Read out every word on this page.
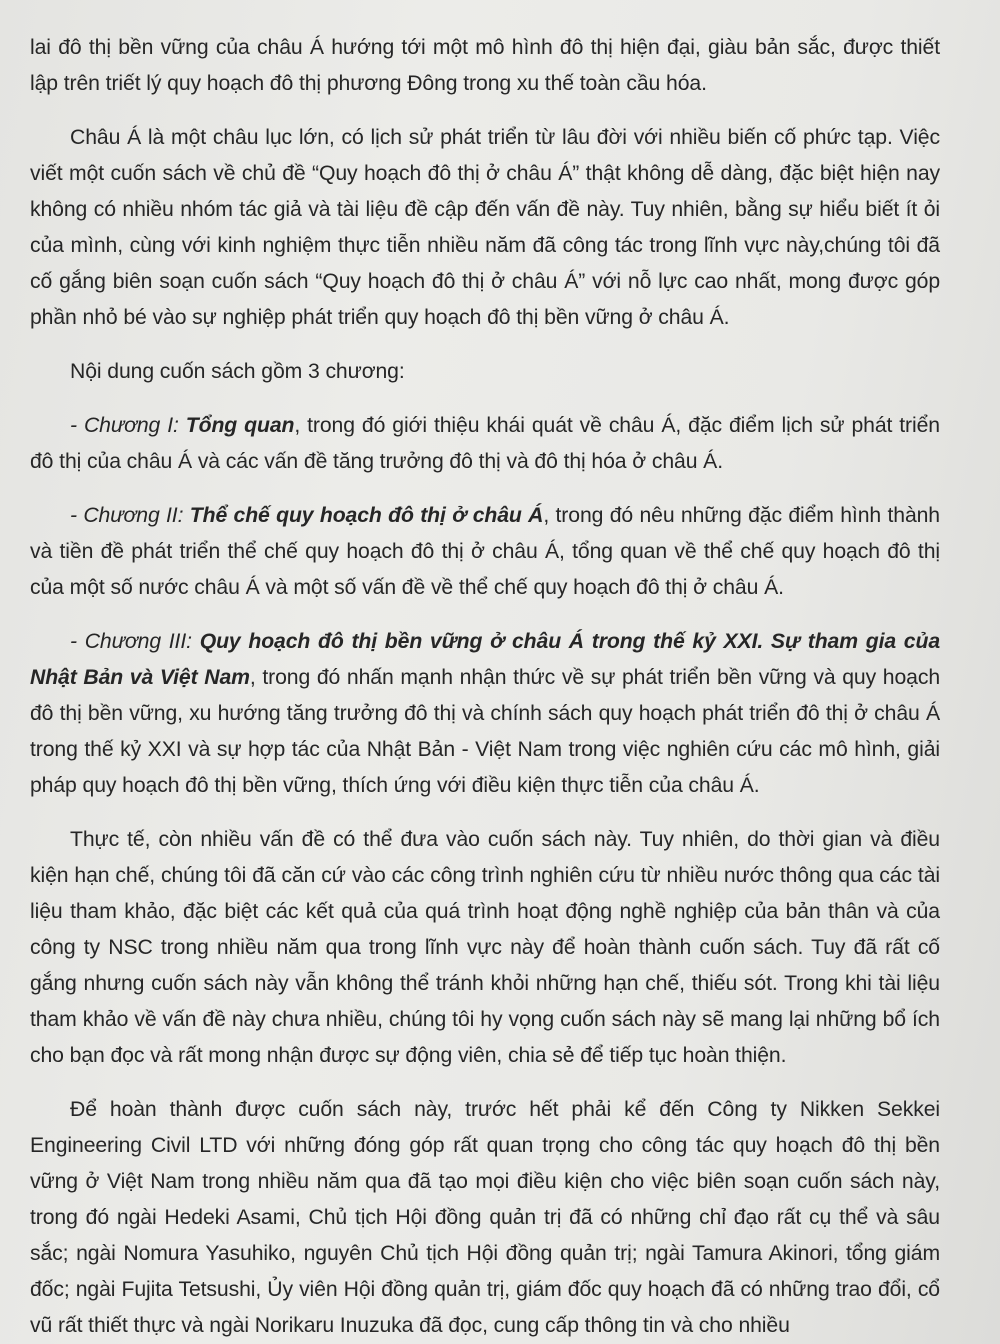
lai đô thị bền vững của châu Á hướng tới một mô hình đô thị hiện đại, giàu bản sắc, được thiết lập trên triết lý quy hoạch đô thị phương Đông trong xu thế toàn cầu hóa.

Châu Á là một châu lục lớn, có lịch sử phát triển từ lâu đời với nhiều biến cố phức tạp. Việc viết một cuốn sách về chủ đề “Quy hoạch đô thị ở châu Á” thật không dễ dàng, đặc biệt hiện nay không có nhiều nhóm tác giả và tài liệu đề cập đến vấn đề này. Tuy nhiên, bằng sự hiểu biết ít ỏi của mình, cùng với kinh nghiệm thực tiễn nhiều năm đã công tác trong lĩnh vực này,chúng tôi đã cố gắng biên soạn cuốn sách “Quy hoạch đô thị ở châu Á” với nỗ lực cao nhất, mong được góp phần nhỏ bé vào sự nghiệp phát triển quy hoạch đô thị bền vững ở châu Á.

Nội dung cuốn sách gồm 3 chương:

- Chương I: Tổng quan, trong đó giới thiệu khái quát về châu Á, đặc điểm lịch sử phát triển đô thị của châu Á và các vấn đề tăng trưởng đô thị và đô thị hóa ở châu Á.

- Chương II: Thể chế quy hoạch đô thị ở châu Á, trong đó nêu những đặc điểm hình thành và tiền đề phát triển thể chế quy hoạch đô thị ở châu Á, tổng quan về thể chế quy hoạch đô thị của một số nước châu Á và một số vấn đề về thể chế quy hoạch đô thị ở châu Á.

- Chương III: Quy hoạch đô thị bền vững ở châu Á trong thế kỷ XXI. Sự tham gia của Nhật Bản và Việt Nam, trong đó nhấn mạnh nhận thức về sự phát triển bền vững và quy hoạch đô thị bền vững, xu hướng tăng trưởng đô thị và chính sách quy hoạch phát triển đô thị ở châu Á trong thế kỷ XXI và sự hợp tác của Nhật Bản - Việt Nam trong việc nghiên cứu các mô hình, giải pháp quy hoạch đô thị bền vững, thích ứng với điều kiện thực tiễn của châu Á.

Thực tế, còn nhiều vấn đề có thể đưa vào cuốn sách này. Tuy nhiên, do thời gian và điều kiện hạn chế, chúng tôi đã căn cứ vào các công trình nghiên cứu từ nhiều nước thông qua các tài liệu tham khảo, đặc biệt các kết quả của quá trình hoạt động nghề nghiệp của bản thân và của công ty NSC trong nhiều năm qua trong lĩnh vực này để hoàn thành cuốn sách. Tuy đã rất cố gắng nhưng cuốn sách này vẫn không thể tránh khỏi những hạn chế, thiếu sót. Trong khi tài liệu tham khảo về vấn đề này chưa nhiều, chúng tôi hy vọng cuốn sách này sẽ mang lại những bổ ích cho bạn đọc và rất mong nhận được sự động viên, chia sẻ để tiếp tục hoàn thiện.

Để hoàn thành được cuốn sách này, trước hết phải kể đến Công ty Nikken Sekkei Engineering Civil LTD với những đóng góp rất quan trọng cho công tác quy hoạch đô thị bền vững ở Việt Nam trong nhiều năm qua đã tạo mọi điều kiện cho việc biên soạn cuốn sách này, trong đó ngài Hedeki Asami, Chủ tịch Hội đồng quản trị đã có những chỉ đạo rất cụ thể và sâu sắc; ngài Nomura Yasuhiko, nguyên Chủ tịch Hội đồng quản trị; ngài Tamura Akinori, tổng giám đốc; ngài Fujita Tetsushi, Ủy viên Hội đồng quản trị, giám đốc quy hoạch đã có những trao đổi, cổ vũ rất thiết thực và ngài Norikaru Inuzuka đã đọc, cung cấp thông tin và cho nhiều
